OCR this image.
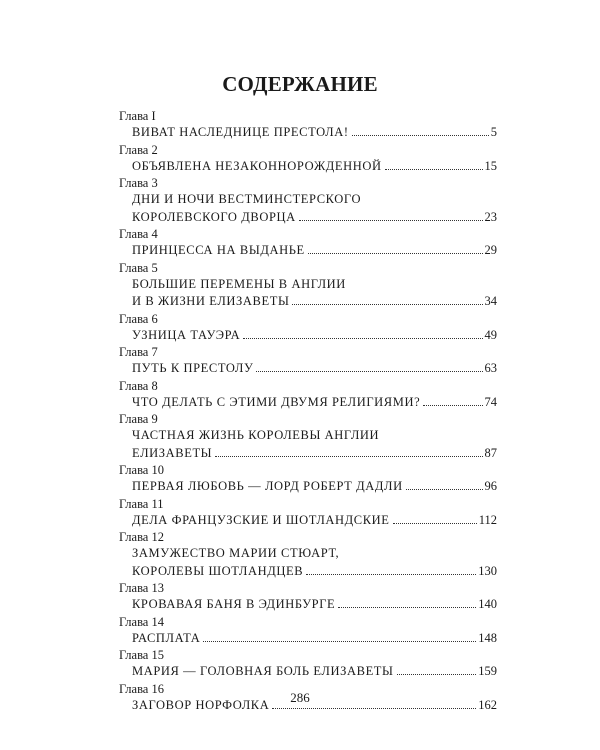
СОДЕРЖАНИЕ
Глава I
ВИВАТ НАСЛЕДНИЦЕ ПРЕСТОЛА!	5
Глава 2
ОБЪЯВЛЕНА НЕЗАКОННОРОЖДЕННОЙ	15
Глава 3
ДНИ И НОЧИ ВЕСТМИНСТЕРСКОГО
КОРОЛЕВСКОГО ДВОРЦА	23
Глава 4
ПРИНЦЕССА НА ВЫДАНЬЕ	29
Глава 5
БОЛЬШИЕ ПЕРЕМЕНЫ В АНГЛИИ
И В ЖИЗНИ ЕЛИЗАВЕТЫ	34
Глава 6
УЗНИЦА ТАУЭРА	49
Глава 7
ПУТЬ К ПРЕСТОЛУ	63
Глава 8
ЧТО ДЕЛАТЬ С ЭТИМИ ДВУМЯ РЕЛИГИЯМИ?	74
Глава 9
ЧАСТНАЯ ЖИЗНЬ КОРОЛЕВЫ АНГЛИИ
ЕЛИЗАВЕТЫ	87
Глава 10
ПЕРВАЯ ЛЮБОВЬ — ЛОРД РОБЕРТ ДАДЛИ	96
Глава 11
ДЕЛА ФРАНЦУЗСКИЕ И ШОТЛАНДСКИЕ	112
Глава 12
ЗАМУЖЕСТВО МАРИИ СТЮАРТ,
КОРОЛЕВЫ ШОТЛАНДЦЕВ	130
Глава 13
КРОВАВАЯ БАНЯ В ЭДИНБУРГЕ	140
Глава 14
РАСПЛАТА	148
Глава 15
МАРИЯ — ГОЛОВНАЯ БОЛЬ ЕЛИЗАВЕТЫ	159
Глава 16
ЗАГОВОР НОРФОЛКА	162
286
